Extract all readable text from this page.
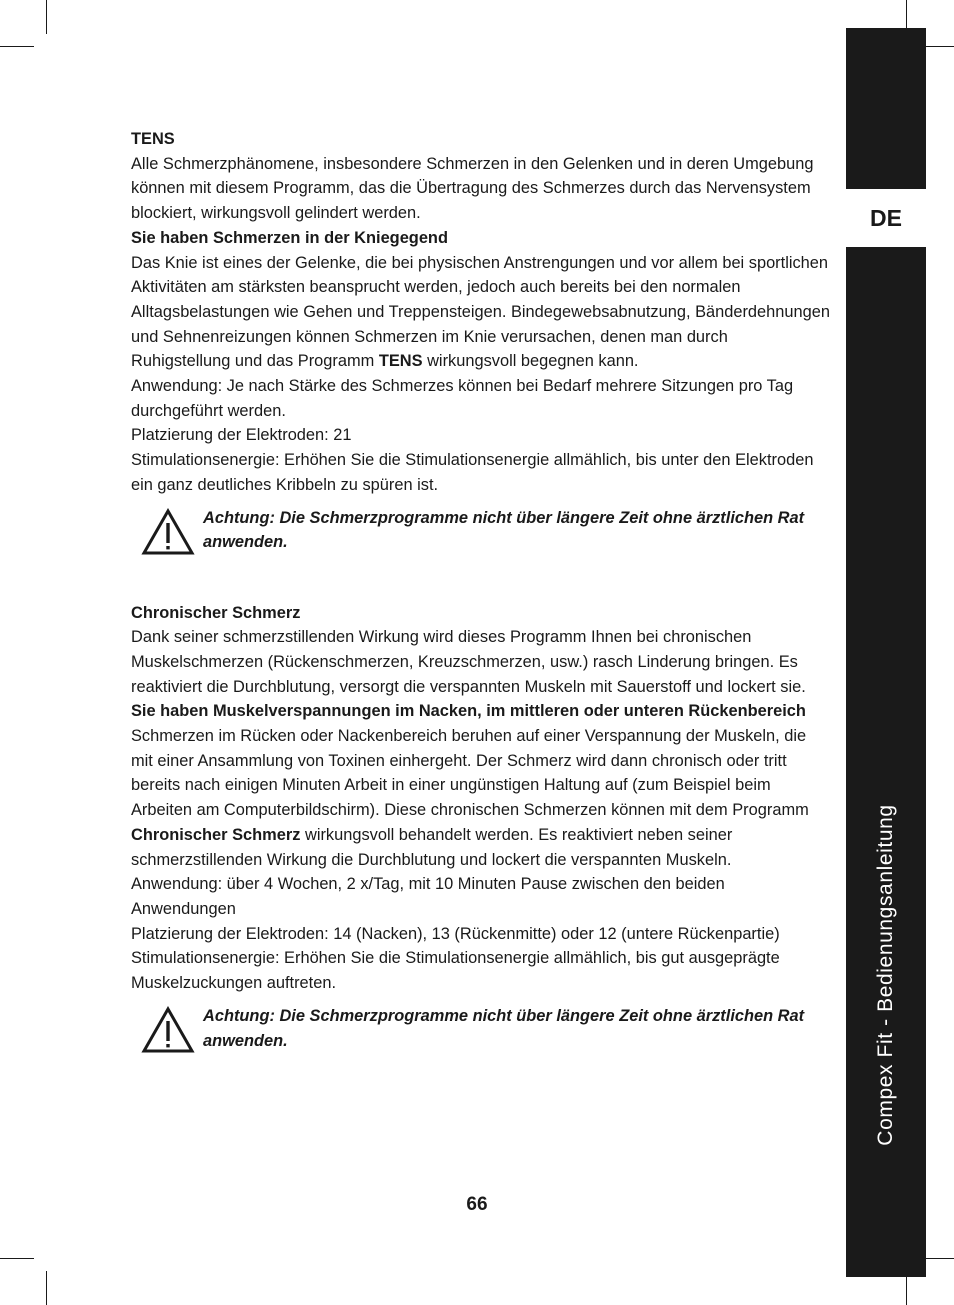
DE
Compex Fit - Bedienungsanleitung

TENS

Alle Schmerzphänomene, insbesondere Schmerzen in den Gelenken und in deren Umgebung können mit diesem Programm, das die Übertragung des Schmerzes durch das Nervensystem blockiert, wirkungsvoll gelindert werden.

Sie haben Schmerzen in der Kniegegend

Das Knie ist eines der Gelenke, die bei physischen Anstrengungen und vor allem bei sportlichen Aktivitäten am stärksten beansprucht werden, jedoch auch bereits bei den normalen Alltagsbelastungen wie Gehen und Treppensteigen. Bindegewebsabnutzung, Bänderdehnungen und Sehnenreizungen können Schmerzen im Knie verursachen, denen man durch Ruhigstellung und das Programm TENS wirkungsvoll begegnen kann.

Anwendung: Je nach Stärke des Schmerzes können bei Bedarf mehrere Sitzungen pro Tag durchgeführt werden.

Platzierung der Elektroden: 21

Stimulationsenergie: Erhöhen Sie die Stimulationsenergie allmählich, bis unter den Elektroden ein ganz deutliches Kribbeln zu spüren ist.

Achtung: Die Schmerzprogramme nicht über längere Zeit ohne ärztlichen Rat anwenden.

Chronischer Schmerz

Dank seiner schmerzstillenden Wirkung wird dieses Programm Ihnen bei chronischen Muskelschmerzen (Rückenschmerzen, Kreuzschmerzen, usw.) rasch Linderung bringen. Es reaktiviert die Durchblutung, versorgt die verspannten Muskeln mit Sauerstoff und lockert sie.

Sie haben Muskelverspannungen im Nacken, im mittleren oder unteren Rückenbereich

Schmerzen im Rücken oder Nackenbereich beruhen auf einer Verspannung der Muskeln, die mit einer Ansammlung von Toxinen einhergeht. Der Schmerz wird dann chronisch oder tritt bereits nach einigen Minuten Arbeit in einer ungünstigen Haltung auf (zum Beispiel beim Arbeiten am Computerbildschirm). Diese chronischen Schmerzen können mit dem Programm Chronischer Schmerz wirkungsvoll behandelt werden. Es reaktiviert neben seiner schmerzstillenden Wirkung die Durchblutung und lockert die verspannten Muskeln.

Anwendung: über 4 Wochen, 2 x/Tag, mit 10 Minuten Pause zwischen den beiden Anwendungen

Platzierung der Elektroden: 14 (Nacken), 13 (Rückenmitte) oder 12 (untere Rückenpartie)

Stimulationsenergie: Erhöhen Sie die Stimulationsenergie allmählich, bis gut ausgeprägte Muskelzuckungen auftreten.

Achtung: Die Schmerzprogramme nicht über längere Zeit ohne ärztlichen Rat anwenden.

66
